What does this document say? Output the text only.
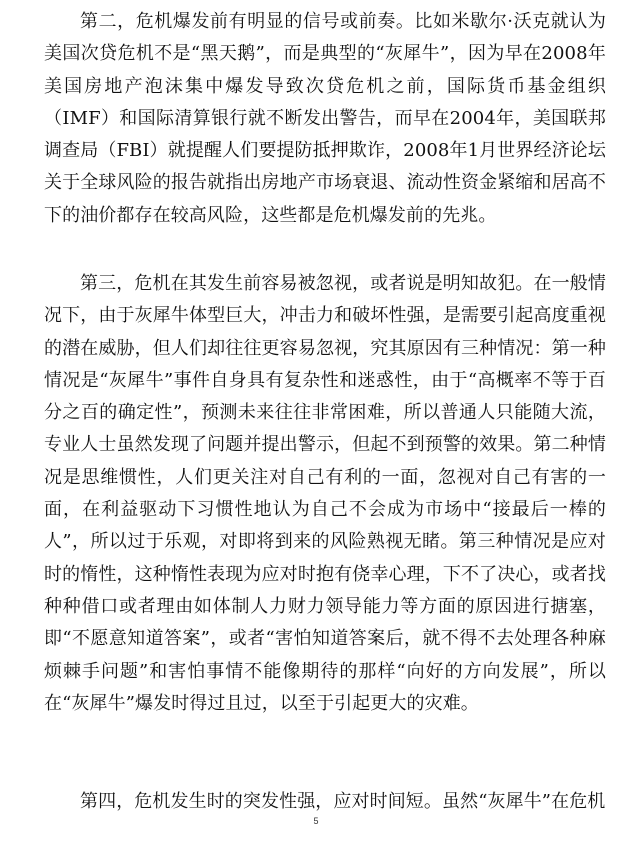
第二，危机爆发前有明显的信号或前奏。比如米歇尔·沃克就认为美国次贷危机不是“黑天鹅”，而是典型的“灰犀牛”，因为早在2008年美国房地产泡沫集中爆发导致次贷危机之前，国际货币基金组织（IMF）和国际清算银行就不断发出警告，而早在2004年，美国联邦调查局（FBI）就提醒人们要提防抵押欺诈，2008年1月世界经济论坛关于全球风险的报告就指出房地产市场衰退、流动性资金紧缩和居高不下的油价都存在较高风险，这些都是危机爆发前的先兆。

第三，危机在其发生前容易被忽视，或者说是明知故犯。在一般情况下，由于灰犀牛体型巨大，冲击力和破坏性强，是需要引起高度重视的潜在威胁，但人们却往往更容易忽视，究其原因有三种情况：第一种情况是“灰犀牛”事件自身具有复杂性和迷惑性，由于“高概率不等于百分之百的确定性”，预测未来往往非常困难，所以普通人只能随大流，专业人士虽然发现了问题并提出警示，但起不到预警的效果。第二种情况是思维惯性，人们更关注对自己有利的一面，忽视对自己有害的一面，在利益驱动下习惯性地认为自己不会成为市场中“接最后一棒的人”，所以过于乐观，对即将到来的风险熟视无睹。第三种情况是应对时的惰性，这种惰性表现为应对时抱有侥幸心理，下不了决心，或者找种种借口或者理由如体制人力财力领导能力等方面的原因进行搪塞，即“不愿意知道答案”，或者“害怕知道答案后，就不得不去处理各种麻烦棘手问题”和害怕事情不能像期待的那样“向好的方向发展”，所以在“灰犀牛”爆发时得过且过，以至于引起更大的灾难。

第四，危机发生时的突发性强，应对时间短。虽然“灰犀牛”在危机

5
